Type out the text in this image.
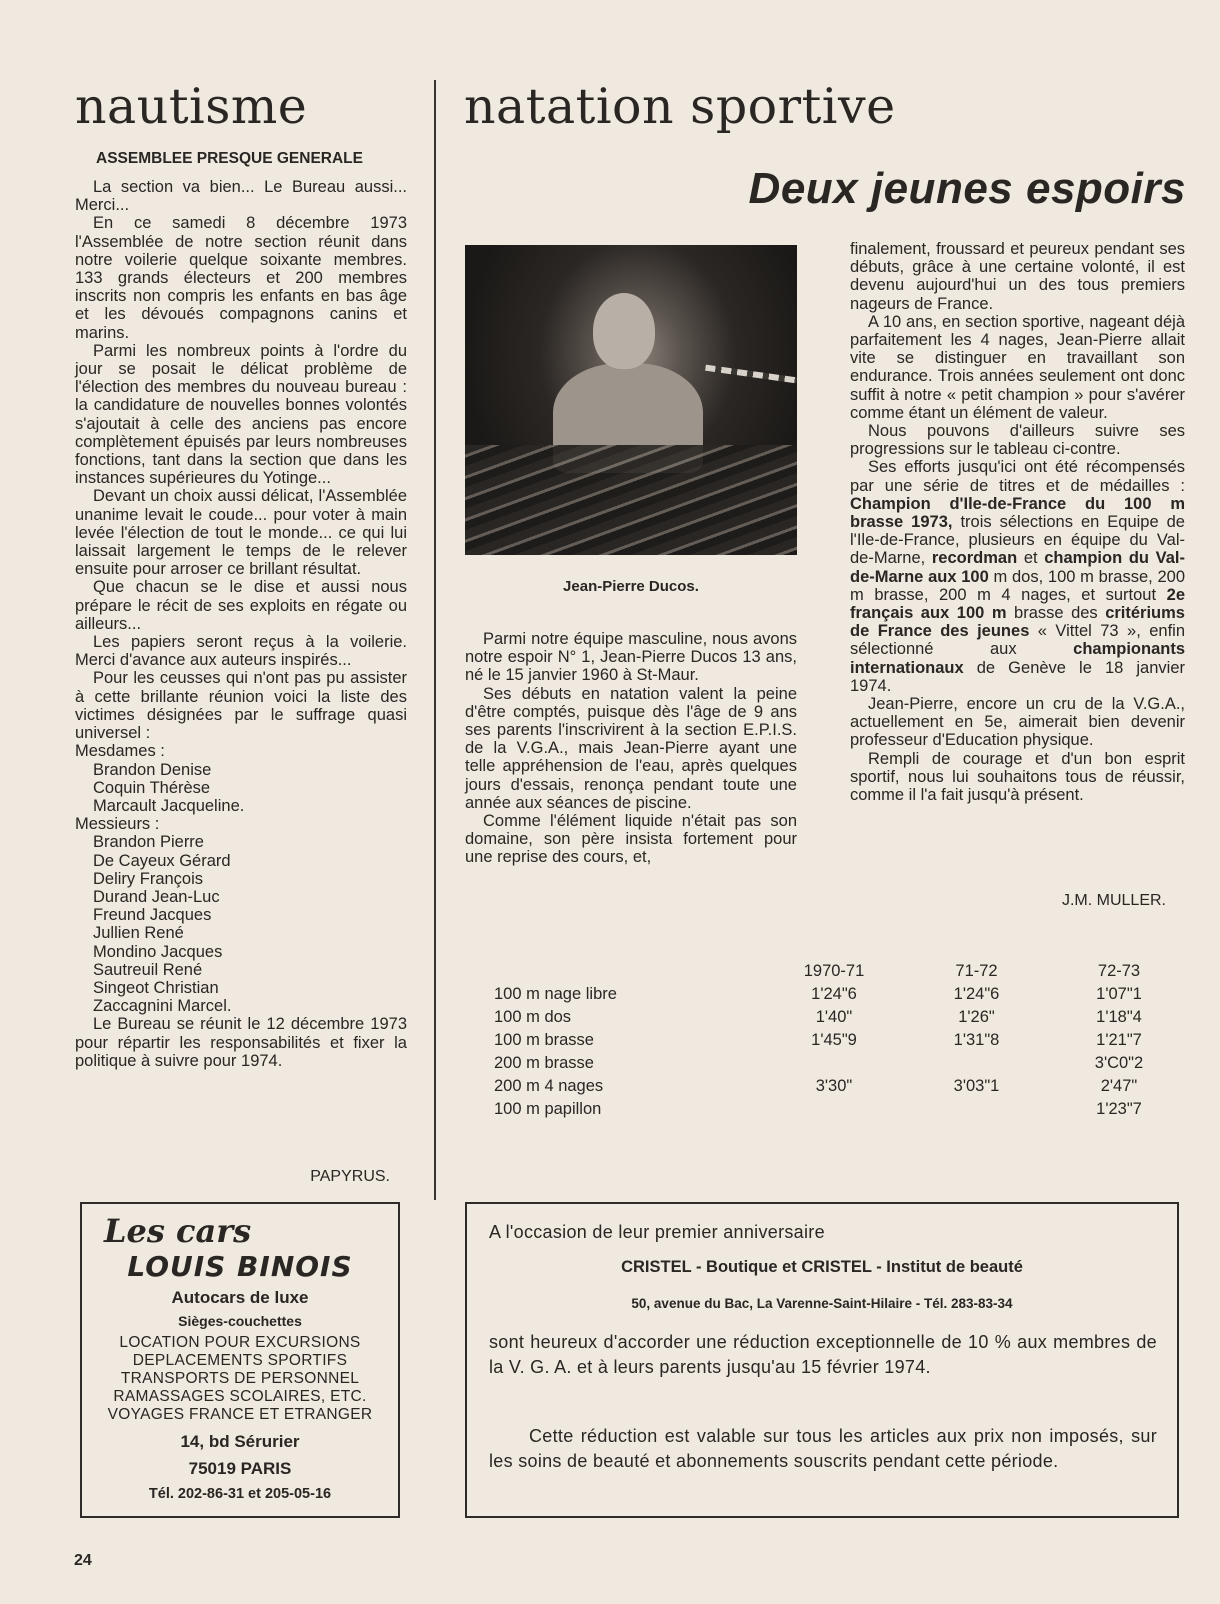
nautisme
ASSEMBLEE PRESQUE GENERALE

La section va bien... Le Bureau aussi... Merci...

En ce samedi 8 décembre 1973 l'Assemblée de notre section réunit dans notre voilerie quelque soixante membres. 133 grands électeurs et 200 membres inscrits non compris les enfants en bas âge et les dévoués compagnons canins et marins.

Parmi les nombreux points à l'ordre du jour se posait le délicat problème de l'élection des membres du nouveau bureau : la candidature de nouvelles bonnes volontés s'ajoutait à celle des anciens pas encore complètement épuisés par leurs nombreuses fonctions, tant dans la section que dans les instances supérieures du Yotinge...

Devant un choix aussi délicat, l'Assemblée unanime levait le coude... pour voter à main levée l'élection de tout le monde... ce qui lui laissait largement le temps de le relever ensuite pour arroser ce brillant résultat.

Que chacun se le dise et aussi nous prépare le récit de ses exploits en régate ou ailleurs...

Les papiers seront reçus à la voilerie. Merci d'avance aux auteurs inspirés...

Pour les ceusses qui n'ont pas pu assister à cette brillante réunion voici la liste des victimes désignées par le suffrage quasi universel :

Mesdames :
Brandon Denise
Coquin Thérèse
Marcault Jacqueline.
Messieurs :
Brandon Pierre
De Cayeux Gérard
Deliry François
Durand Jean-Luc
Freund Jacques
Jullien René
Mondino Jacques
Sautreuil René
Singeot Christian
Zaccagnini Marcel.

Le Bureau se réunit le 12 décembre 1973 pour répartir les responsabilités et fixer la politique à suivre pour 1974.

PAPYRUS.
natation sportive
Deux jeunes espoirs
Jean-Pierre Ducos.

Parmi notre équipe masculine, nous avons notre espoir N° 1, Jean-Pierre Ducos 13 ans, né le 15 janvier 1960 à St-Maur.

Ses débuts en natation valent la peine d'être comptés, puisque dès l'âge de 9 ans ses parents l'inscrivirent à la section E.P.I.S. de la V.G.A., mais Jean-Pierre ayant une telle appréhension de l'eau, après quelques jours d'essais, renonça pendant toute une année aux séances de piscine.

Comme l'élément liquide n'était pas son domaine, son père insista fortement pour une reprise des cours, et,

finalement, froussard et peureux pendant ses débuts, grâce à une certaine volonté, il est devenu aujourd'hui un des tous premiers nageurs de France.

A 10 ans, en section sportive, nageant déjà parfaitement les 4 nages, Jean-Pierre allait vite se distinguer en travaillant son endurance. Trois années seulement ont donc suffit à notre « petit champion » pour s'avérer comme étant un élément de valeur.

Nous pouvons d'ailleurs suivre ses progressions sur le tableau ci-contre.

Ses efforts jusqu'ici ont été récompensés par une série de titres et de médailles : Champion d'Ile-de-France du 100 m brasse 1973, trois sélections en Equipe de l'Ile-de-France, plusieurs en équipe du Val-de-Marne, recordman et champion du Val-de-Marne aux 100 m dos, 100 m brasse, 200 m brasse, 200 m 4 nages, et surtout 2e français aux 100 m brasse des critériums de France des jeunes « Vittel 73 », enfin sélectionné aux championants internationaux de Genève le 18 janvier 1974.

Jean-Pierre, encore un cru de la V.G.A., actuellement en 5e, aimerait bien devenir professeur d'Education physique.

Rempli de courage et d'un bon esprit sportif, nous lui souhaitons tous de réussir, comme il l'a fait jusqu'à présent.

J.M. MULLER.
	1970-71	71-72	72-73
100 m nage libre	1'24"6	1'24"6	1'07"1
100 m dos	1'40"	1'26"	1'18"4
100 m brasse	1'45"9	1'31"8	1'21"7
200 m brasse			3'C0"2
200 m 4 nages	3'30"	3'03"1	2'47"
100 m papillon			1'23"7
Les cars
LOUIS BINOIS
Autocars de luxe
Sièges-couchettes
LOCATION POUR EXCURSIONS
DEPLACEMENTS SPORTIFS
TRANSPORTS DE PERSONNEL
RAMASSAGES SCOLAIRES, ETC.
VOYAGES FRANCE ET ETRANGER
14, bd Sérurier
75019 PARIS
Tél. 202-86-31 et 205-05-16
A l'occasion de leur premier anniversaire
CRISTEL - Boutique et CRISTEL - Institut de beauté
50, avenue du Bac, La Varenne-Saint-Hilaire - Tél. 283-83-34
sont heureux d'accorder une réduction exceptionnelle de 10 % aux membres de la V. G. A. et à leurs parents jusqu'au 15 février 1974.
Cette réduction est valable sur tous les articles aux prix non imposés, sur les soins de beauté et abonnements souscrits pendant cette période.
24
